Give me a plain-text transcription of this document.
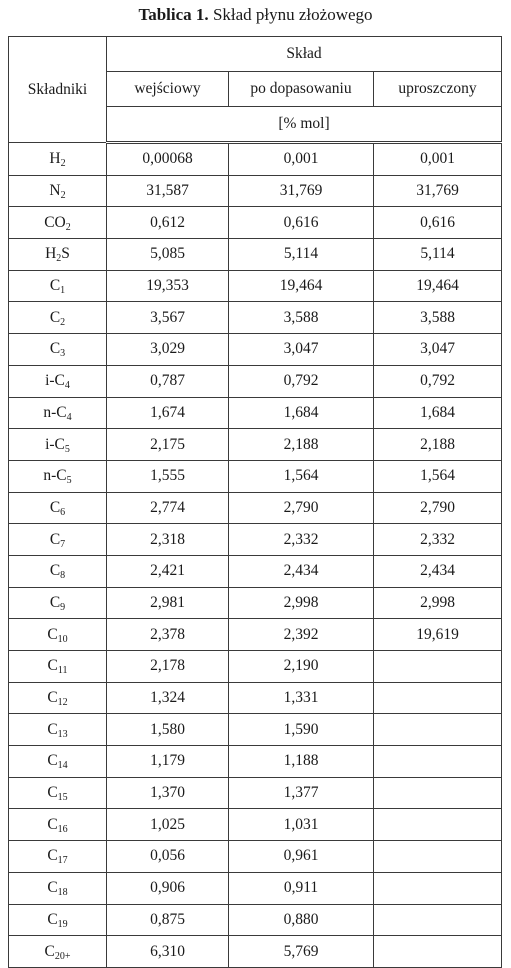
Tablica 1. Skład płynu złożowego
Składniki	Skład		
	wejściowy	po dopasowaniu	uproszczony
	[% mol]		
$H_2$	0,00068	0,001	0,001
$N_2$	31,587	31,769	31,769
$CO_2$	0,612	0,616	0,616
$H_2S$	5,085	5,114	5,114
$C_1$	19,353	19,464	19,464
$C_2$	3,567	3,588	3,588
$C_3$	3,029	3,047	3,047
$i-C_4$	0,787	0,792	0,792
$n-C_4$	1,674	1,684	1,684
$i-C_5$	2,175	2,188	2,188
$n-C_5$	1,555	1,564	1,564
$C_6$	2,774	2,790	2,790
$C_7$	2,318	2,332	2,332
$C_8$	2,421	2,434	2,434
$C_9$	2,981	2,998	2,998
$C_{10}$	2,378	2,392	19,619
$C_{11}$	2,178	2,190	
$C_{12}$	1,324	1,331	
$C_{13}$	1,580	1,590	
$C_{14}$	1,179	1,188	
$C_{15}$	1,370	1,377	
$C_{16}$	1,025	1,031	
$C_{17}$	0,056	0,961	
$C_{18}$	0,906	0,911	
$C_{19}$	0,875	0,880	
$C_{20+}$	6,310	5,769	
